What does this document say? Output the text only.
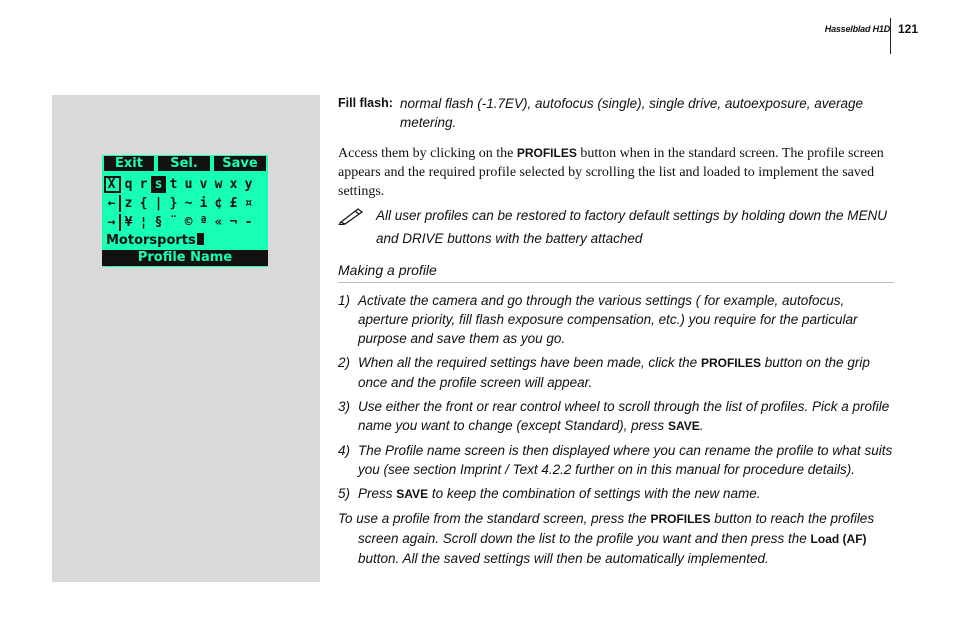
Hasselblad H1D 121
Exit	Sel.	Save
X q r s t u v w x y
← z { | } ~ i ¢ £ ¤
→ ¥ ¦ § ¨ © ª « ¬ -
Motorsports
Profile Name
Fill flash: normal flash (-1.7EV), autofocus (single), single drive, autoexposure, average metering.

Access them by clicking on the PROFILES button when in the standard screen. The profile screen appears and the required profile selected by scrolling the list and loaded to implement the saved settings.

All user profiles can be restored to factory default settings by holding down the MENU and DRIVE buttons with the battery attached
Making a profile
1) Activate the camera and go through the various settings ( for example, autofocus, aperture priority, fill flash exposure compensation, etc.) you require for the particular purpose and save them as you go.
2) When all the required settings have been made, click the PROFILES button on the grip once and the profile screen will appear.
3) Use either the front or rear control wheel to scroll through the list of profiles. Pick a profile name you want to change (except Standard), press SAVE.
4) The Profile name screen is then displayed where you can rename the profile to what suits you (see section Imprint / Text 4.2.2 further on in this manual for procedure details).
5) Press SAVE to keep the combination of settings with the new name.

To use a profile from the standard screen, press the PROFILES button to reach the profiles screen again. Scroll down the list to the profile you want and then press the Load (AF) button. All the saved settings will then be automatically implemented.
